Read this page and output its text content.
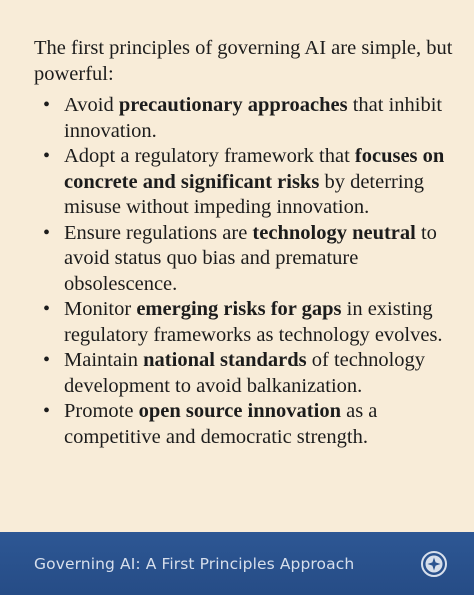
The first principles of governing AI are simple, but powerful:

• Avoid precautionary approaches that inhibit innovation.
• Adopt a regulatory framework that focuses on concrete and significant risks by deterring misuse without impeding innovation.
• Ensure regulations are technology neutral to avoid status quo bias and premature obsolescence.
• Monitor emerging risks for gaps in existing regulatory frameworks as technology evolves.
• Maintain national standards of technology development to avoid balkanization.
• Promote open source innovation as a competitive and democratic strength.
Governing AI: A First Principles Approach
